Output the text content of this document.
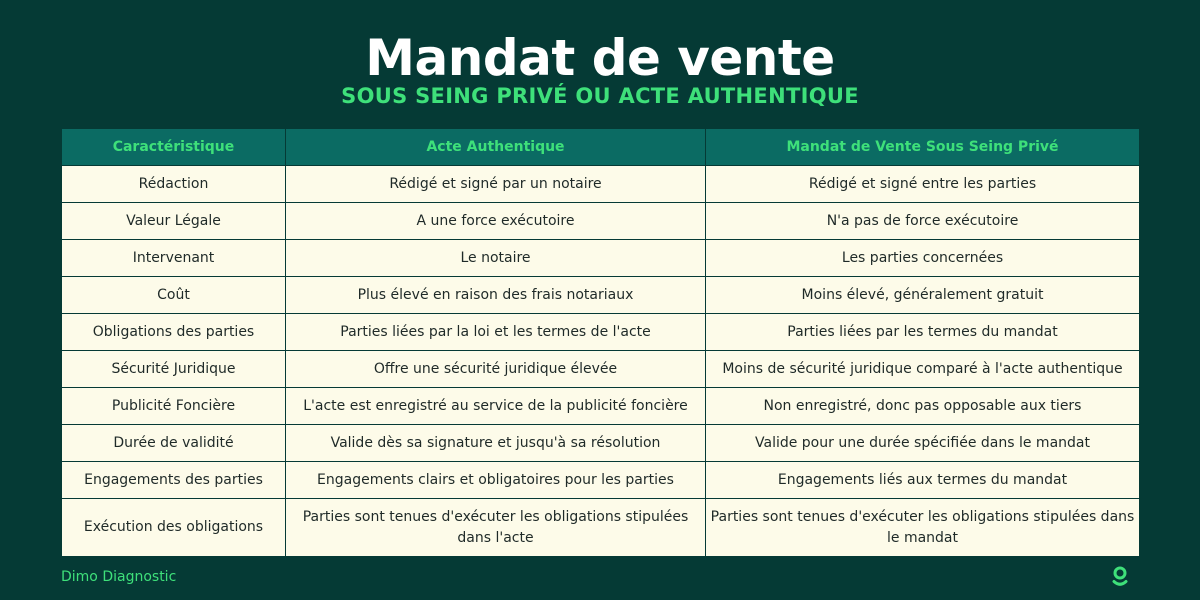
Mandat de vente
SOUS SEING PRIVÉ OU ACTE AUTHENTIQUE
Caractéristique	Acte Authentique	Mandat de Vente Sous Seing Privé
Rédaction	Rédigé et signé par un notaire	Rédigé et signé entre les parties
Valeur Légale	A une force exécutoire	N'a pas de force exécutoire
Intervenant	Le notaire	Les parties concernées
Coût	Plus élevé en raison des frais notariaux	Moins élevé, généralement gratuit
Obligations des parties	Parties liées par la loi et les termes de l'acte	Parties liées par les termes du mandat
Sécurité Juridique	Offre une sécurité juridique élevée	Moins de sécurité juridique comparé à l'acte authentique
Publicité Foncière	L'acte est enregistré au service de la publicité foncière	Non enregistré, donc pas opposable aux tiers
Durée de validité	Valide dès sa signature et jusqu'à sa résolution	Valide pour une durée spécifiée dans le mandat
Engagements des parties	Engagements clairs et obligatoires pour les parties	Engagements liés aux termes du mandat
Exécution des obligations	Parties sont tenues d'exécuter les obligations stipulées dans l'acte	Parties sont tenues d'exécuter les obligations stipulées dans le mandat
Dimo Diagnostic
